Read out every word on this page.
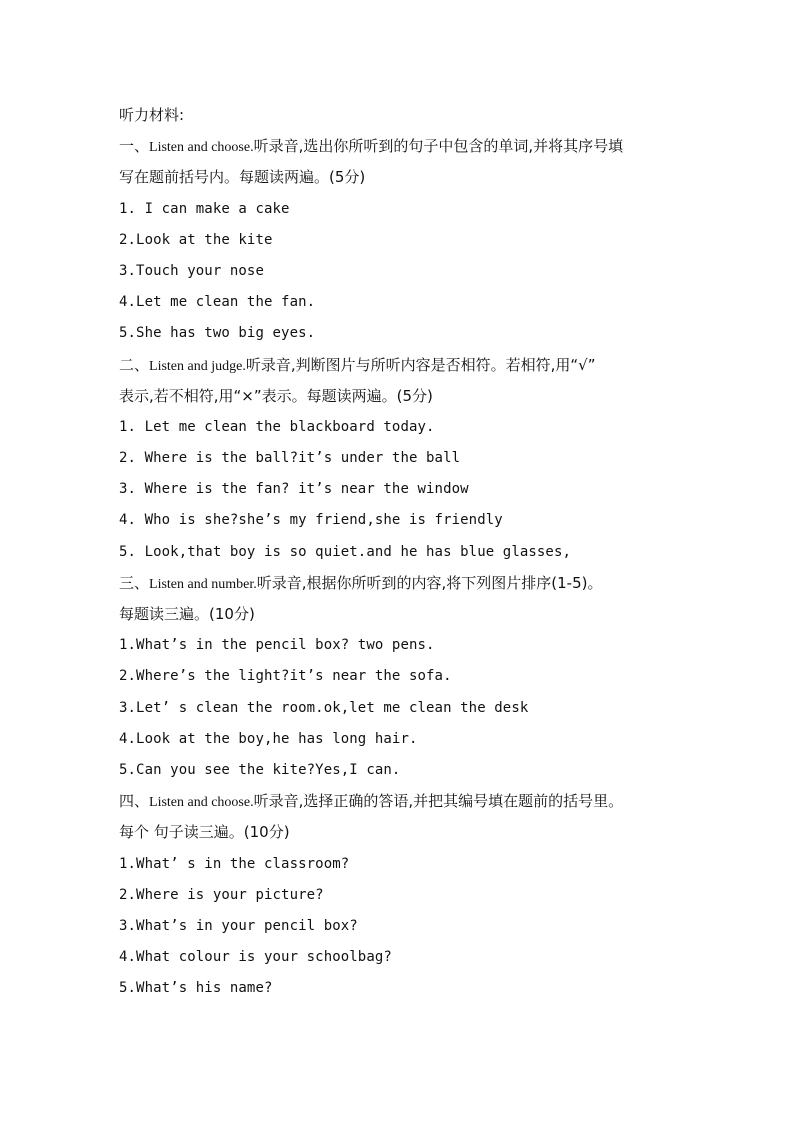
听力材料:
一、Listen and choose.听录音,选出你所听到的句子中包含的单词,并将其序号填
写在题前括号内。每题读两遍。(5分)
1. I can make a cake
2.Look at the kite
3.Touch your nose
4.Let me clean the fan.
5.She has two big eyes.
二、Listen and judge.听录音,判断图片与所听内容是否相符。若相符,用“√”
表示,若不相符,用“×”表示。每题读两遍。(5分)
1. Let me clean the blackboard today.
2. Where is the ball?it’s under the ball
3. Where is the fan? it’s near the window
4. Who is she?she’s my friend,she is friendly
5. Look,that boy is so quiet.and he has blue glasses,
三、Listen and number.听录音,根据你所听到的内容,将下列图片排序(1-5)。
每题读三遍。(10分)
1.What’s in the pencil box? two pens.
2.Where’s the light?it’s near the sofa.
3.Let’ s clean the room.ok,let me clean the desk
4.Look at the boy,he has long hair.
5.Can you see the kite?Yes,I can.
四、Listen and choose.听录音,选择正确的答语,并把其编号填在题前的括号里。
每个 句子读三遍。(10分)
1.What’ s in the classroom?
2.Where is your picture?
3.What’s in your pencil box?
4.What colour is your schoolbag?
5.What’s his name?
